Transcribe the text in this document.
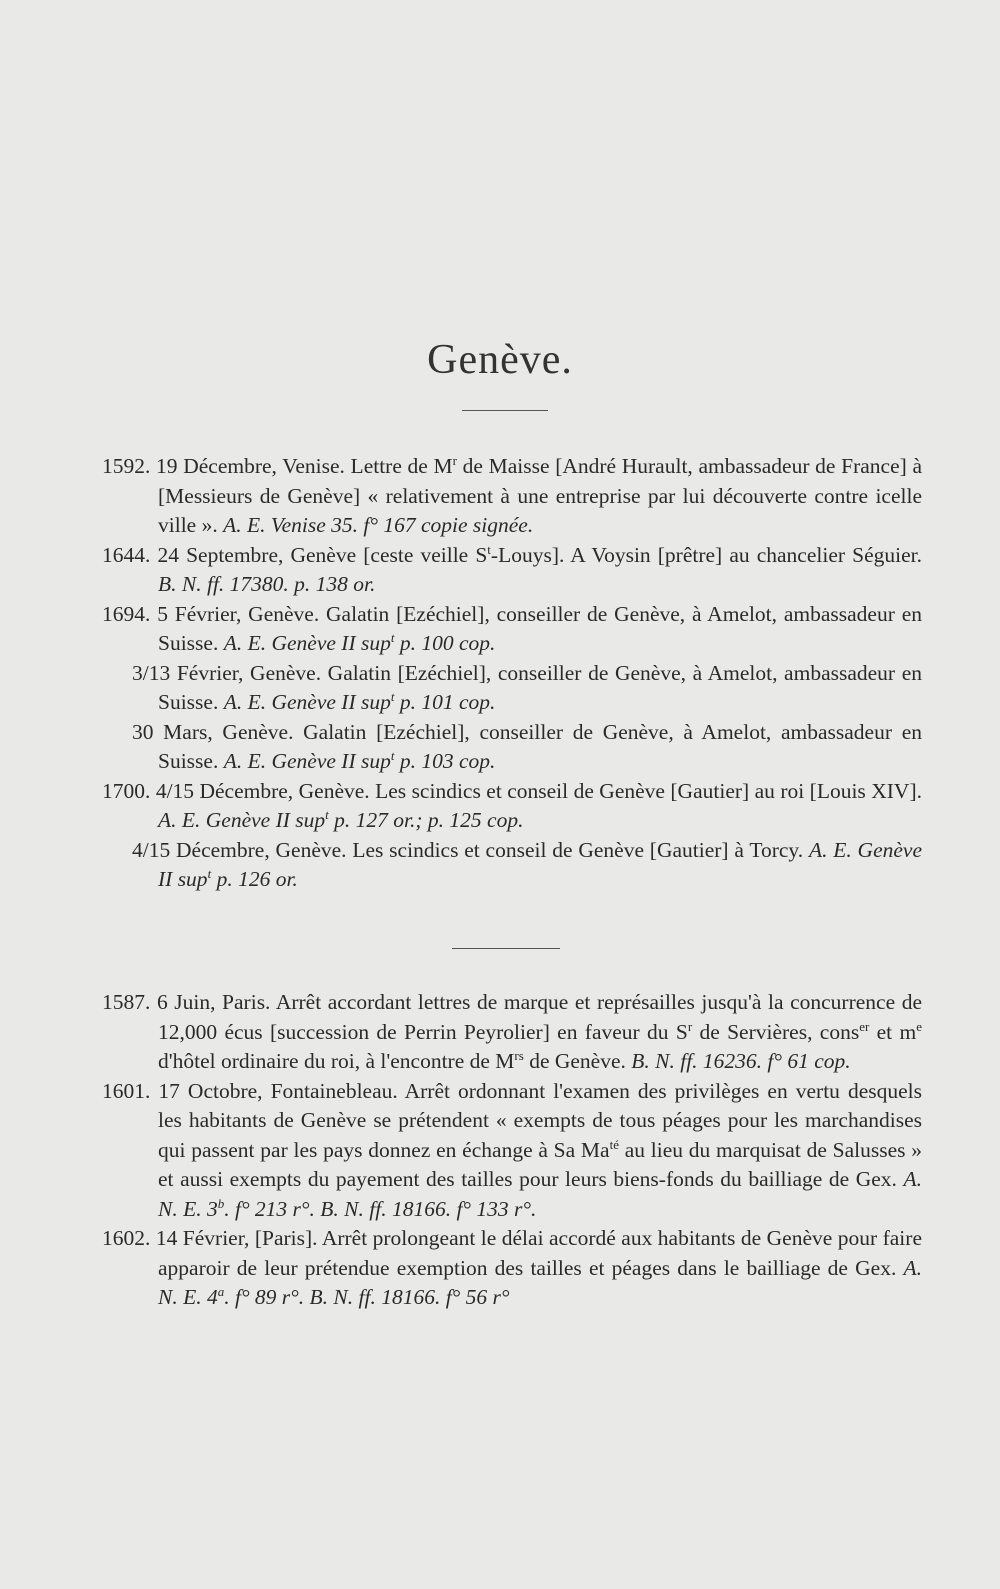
Genève.
1592. 19 Décembre, Venise. Lettre de $M^r$ de Maisse [André Hurault, ambassadeur de France] à [Messieurs de Genève] « relativement à une entreprise par lui découverte contre icelle ville ». A. E. Venise 35. f° 167 copie signée.
1644. 24 Septembre, Genève [ceste veille $S^t-Louys$]. A Voysin [prêtre] au chancelier Séguier. B. N. ff. 17380. p. 138 or.
1694. 5 Février, Genève. Galatin [Ezéchiel], conseiller de Genève, à Amelot, ambassadeur en Suisse. A. E. Genève II sup$^t$ p. 100 cop.
3/13 Février, Genève. Galatin [Ezéchiel], conseiller de Genève, à Amelot, ambassadeur en Suisse. A. E. Genève II sup$^t$ p. 101 cop.
30 Mars, Genève. Galatin [Ezéchiel], conseiller de Genève, à Amelot, ambassadeur en Suisse. A. E. Genève II sup$^t$ p. 103 cop.
1700. 4/15 Décembre, Genève. Les scindics et conseil de Genève [Gautier] au roi [Louis XIV]. A. E. Genève II sup$^t$ p. 127 or.; p. 125 cop.
4/15 Décembre, Genève. Les scindics et conseil de Genève [Gautier] à Torcy. A. E. Genève II sup$^t$ p. 126 or.
1587. 6 Juin, Paris. Arrêt accordant lettres de marque et représailles jusqu'à la concurrence de 12,000 écus [succession de Perrin Peyrolier] en faveur du $S^r$ de Servières, cons$^{er}$ et $m^e$ d'hôtel ordinaire du roi, à l'encontre de $M^{rs}$ de Genève. B. N. ff. 16236. f° 61 cop.
1601. 17 Octobre, Fontainebleau. Arrêt ordonnant l'examen des privilèges en vertu desquels les habitants de Genève se prétendent « exempts de tous péages pour les marchandises qui passent par les pays donnez en échange à Sa $Ma^{té}$ au lieu du marquisat de Salusses » et aussi exempts du payement des tailles pour leurs biens-fonds du bailliage de Gex. A. N. E. 3$^b$. f° 213 r°. B. N. ff. 18166. f° 133 r°.
1602. 14 Février, [Paris]. Arrêt prolongeant le délai accordé aux habitants de Genève pour faire apparoir de leur prétendue exemption des tailles et péages dans le bailliage de Gex. A. N. E. 4$^a$. f° 89 r°. B. N. ff. 18166. f° 56 r°
